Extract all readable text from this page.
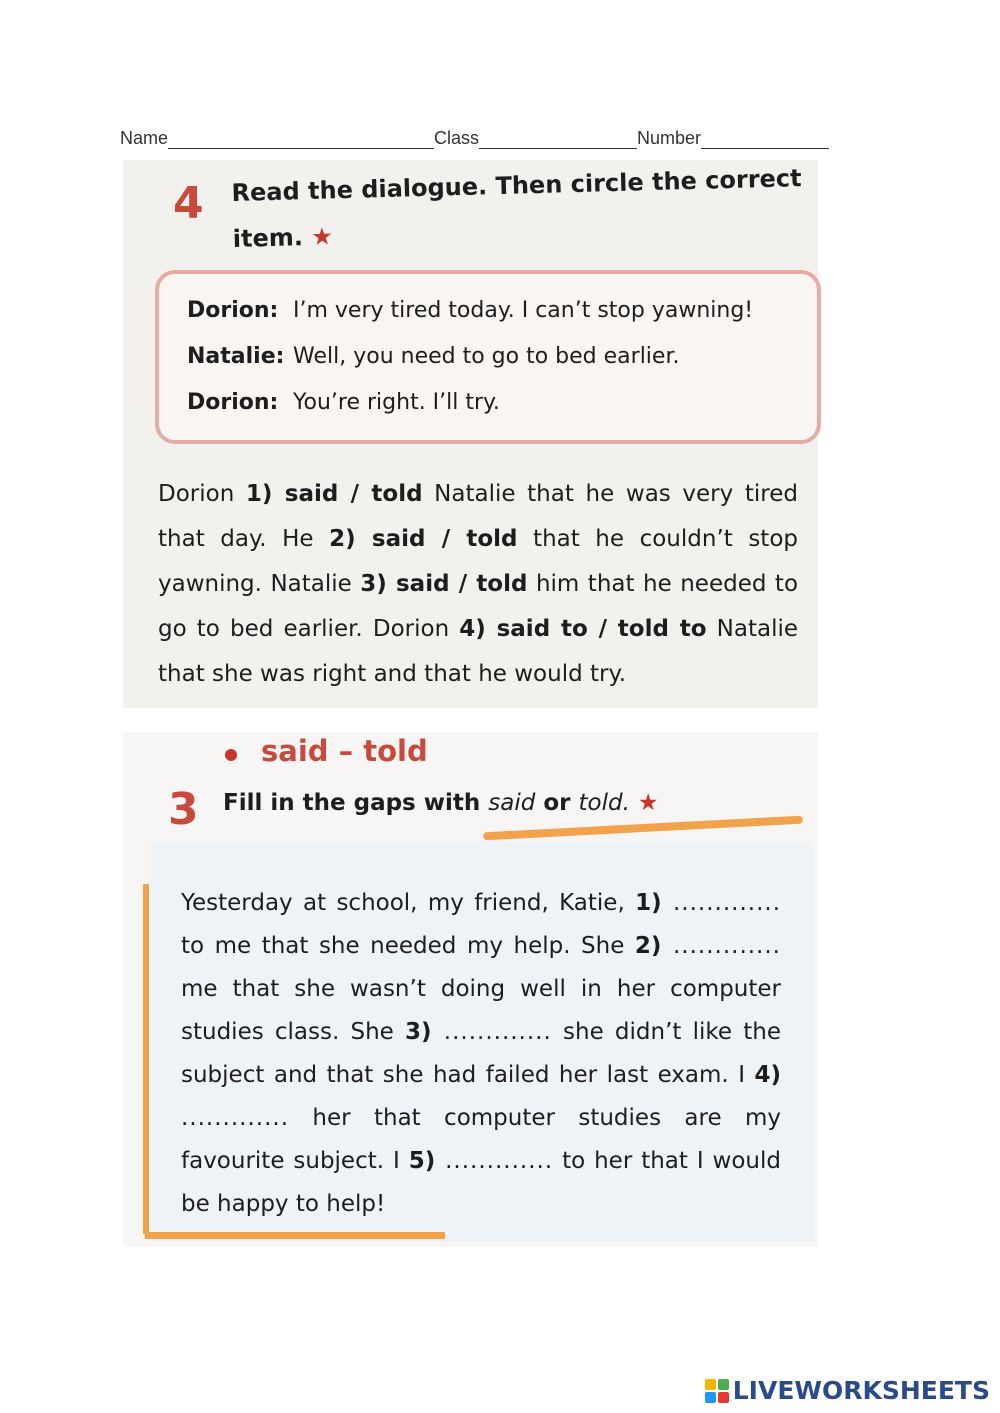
Name	Class	Number
4 Read the dialogue. Then circle the correct
item. ★
Dorion: I’m very tired today. I can’t stop yawning!
Natalie: Well, you need to go to bed earlier.
Dorion: You’re right. I’ll try.
Dorion 1) said / told Natalie that he was very tired that day. He 2) said / told that he couldn’t stop yawning. Natalie 3) said / told him that he needed to go to bed earlier. Dorion 4) said to / told to Natalie that she was right and that he would try.
said – told
3 Fill in the gaps with said or told. ★
Yesterday at school, my friend, Katie, 1) ............. to me that she needed my help. She 2) ............. me that she wasn’t doing well in her computer studies class. She 3) ............. she didn’t like the subject and that she had failed her last exam. I 4) ............. her that computer studies are my favourite subject. I 5) ............. to her that I would be happy to help!
LIVEWORKSHEETS
